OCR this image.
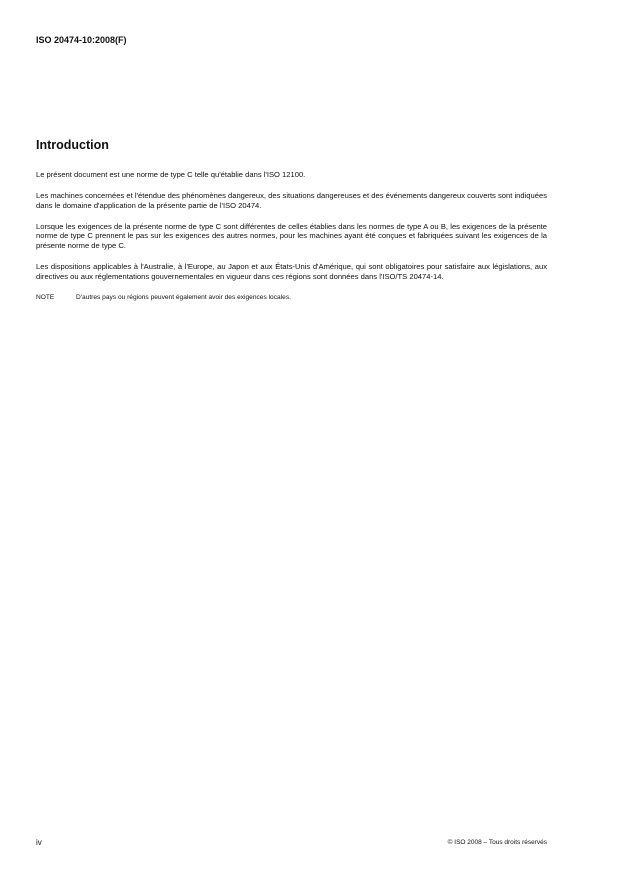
ISO 20474-10:2008(F)
Introduction

Le présent document est une norme de type C telle qu'établie dans l'ISO 12100.

Les machines concernées et l'étendue des phénomènes dangereux, des situations dangereuses et des événements dangereux couverts sont indiquées dans le domaine d'application de la présente partie de l'ISO 20474.

Lorsque les exigences de la présente norme de type C sont différentes de celles établies dans les normes de type A ou B, les exigences de la présente norme de type C prennent le pas sur les exigences des autres normes, pour les machines ayant été conçues et fabriquées suivant les exigences de la présente norme de type C.

Les dispositions applicables à l'Australie, à l'Europe, au Japon et aux États-Unis d'Amérique, qui sont obligatoires pour satisfaire aux législations, aux directives ou aux réglementations gouvernementales en vigueur dans ces régions sont données dans l'ISO/TS 20474-14.

NOTE	D'autres pays ou régions peuvent également avoir des exigences locales.
iv	© ISO 2008 – Tous droits réservés
